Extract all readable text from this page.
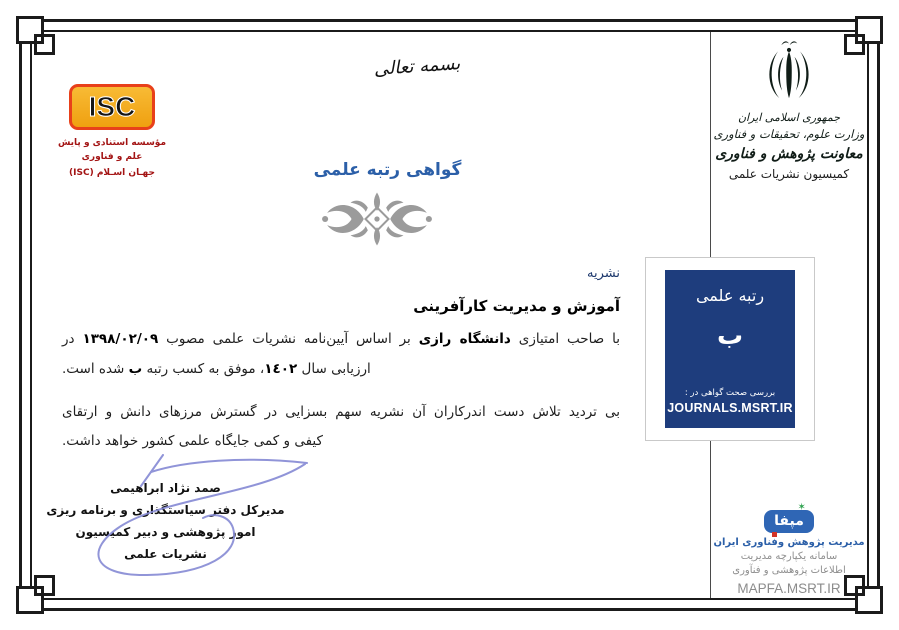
بسمه تعالی
ISC
مؤسسه استنادی و پایش علم و فناوری
جهـان اسـلام (ISC)
جمهوری اسلامی ایران
وزارت علوم، تحقیقات و فناوری
معاونت پژوهش و فناوری
کمیسیون نشریات علمی
گواهی رتبه علمی
رتبه علمی
ب
بررسی صحت گواهی در :
JOURNALS.MSRT.IR
نشریه
آموزش و مدیریت کارآفرینی
با صاحب امتیازی دانشگاه رازی بر اساس آیین‌نامه نشریات علمی مصوب ١٣٩٨/٠٢/٠٩ در
ارزیابی سال ١٤٠٢، موفق به کسب رتبه ب شده است.
بی تردید تلاش دست اندرکاران آن نشریه سهم بسزایی در گسترش مرزهای دانش و ارتقای
کیفی و کمی جایگاه علمی کشور خواهد داشت.
صمد نژاد ابراهیمی
مدیرکل دفتر سیاستگذاری و برنامه ریزی
امور پژوهشی و دبیر کمیسیون
نشریات علمی
✶
مپفا
مدیریت پژوهش وفناوری ایران
سامانه یکپارچه مدیریت
اطلاعات پژوهشی و فنآوری
MAPFA.MSRT.IR
